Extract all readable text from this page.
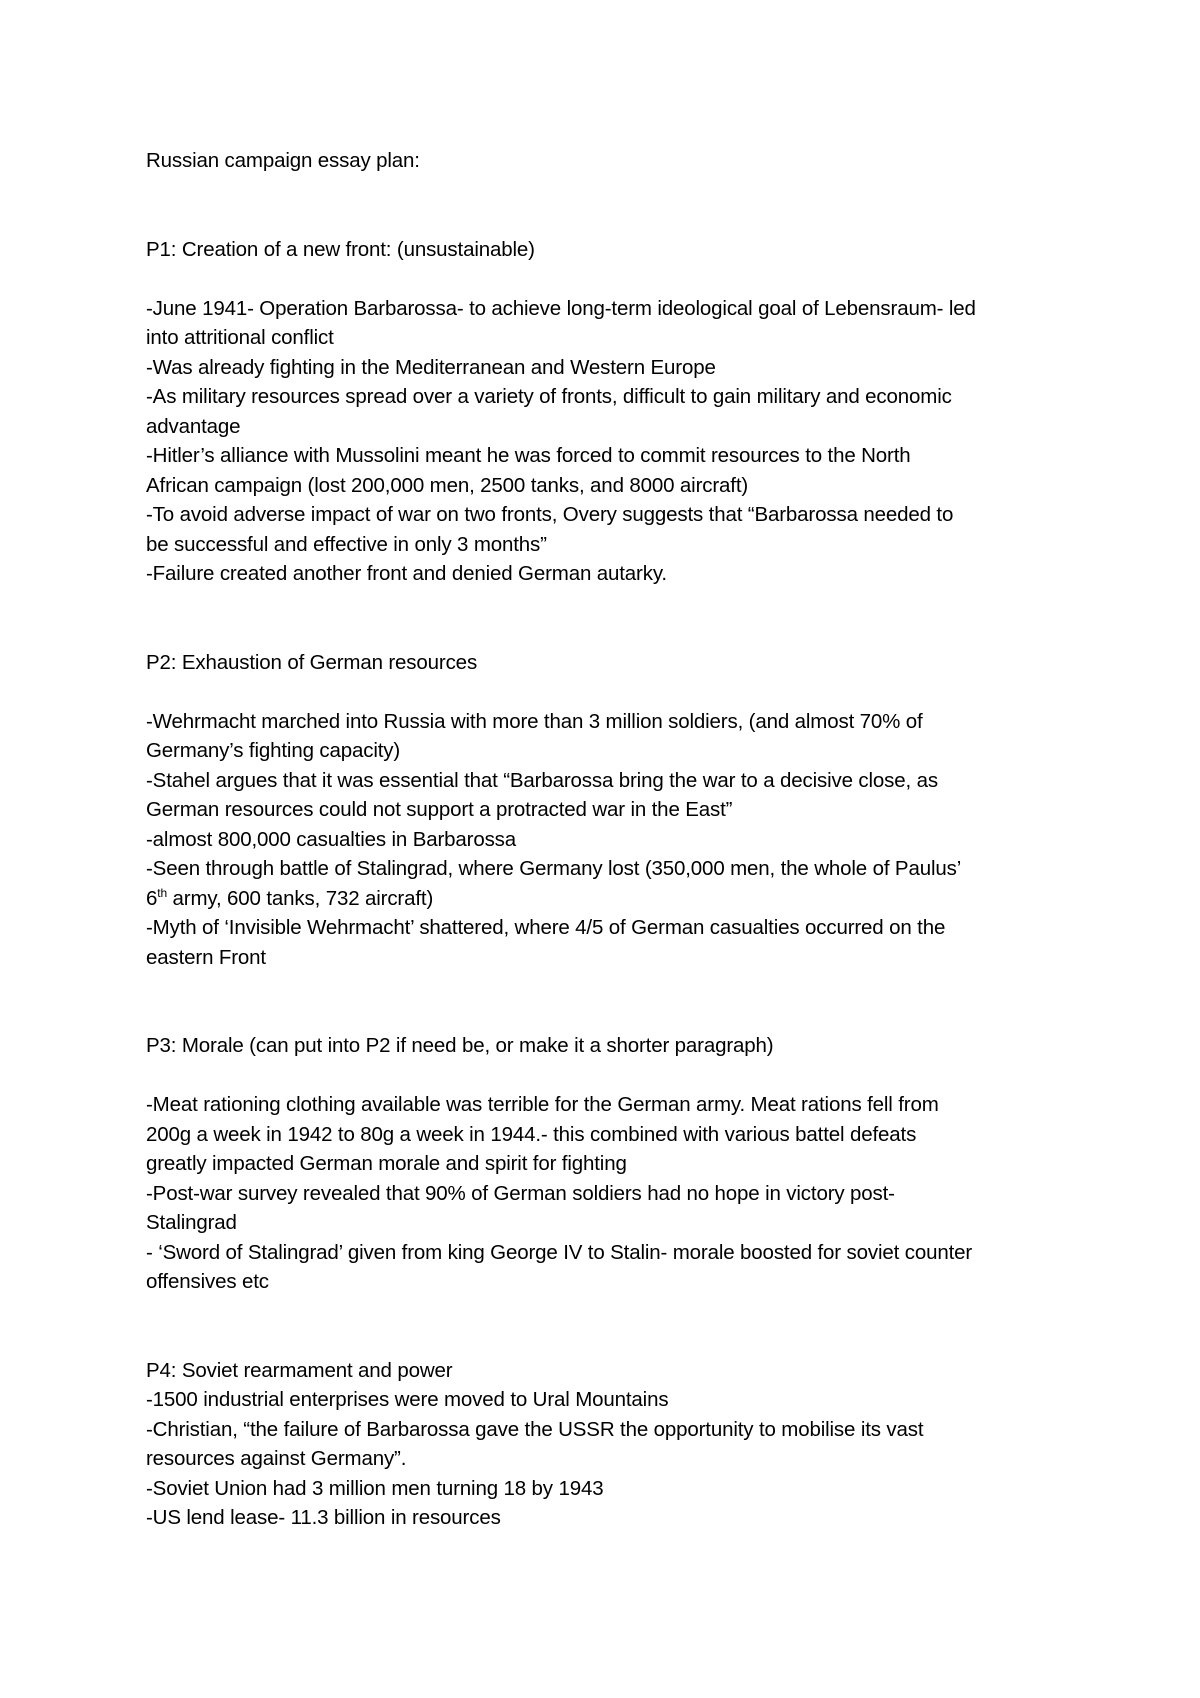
Russian campaign essay plan:

P1: Creation of a new front: (unsustainable)

-June 1941- Operation Barbarossa- to achieve long-term ideological goal of Lebensraum- led

into attritional conflict

-Was already fighting in the Mediterranean and Western Europe

-As military resources spread over a variety of fronts, difficult to gain military and economic

advantage

-Hitler’s alliance with Mussolini meant he was forced to commit resources to the North

African campaign (lost 200,000 men, 2500 tanks, and 8000 aircraft)

-To avoid adverse impact of war on two fronts, Overy suggests that “Barbarossa needed to

be successful and effective in only 3 months”

-Failure created another front and denied German autarky.

P2: Exhaustion of German resources

-Wehrmacht marched into Russia with more than 3 million soldiers, (and almost 70% of

Germany’s fighting capacity)

-Stahel argues that it was essential that “Barbarossa bring the war to a decisive close, as

German resources could not support a protracted war in the East”

-almost 800,000 casualties in Barbarossa

-Seen through battle of Stalingrad, where Germany lost (350,000 men, the whole of Paulus’

6th army, 600 tanks, 732 aircraft)

-Myth of ‘Invisible Wehrmacht’ shattered, where 4/5 of German casualties occurred on the

eastern Front

P3: Morale (can put into P2 if need be, or make it a shorter paragraph)

-Meat rationing clothing available was terrible for the German army. Meat rations fell from

200g a week in 1942 to 80g a week in 1944.- this combined with various battel defeats

greatly impacted German morale and spirit for fighting

-Post-war survey revealed that 90% of German soldiers had no hope in victory post-

Stalingrad

- ‘Sword of Stalingrad’ given from king George IV to Stalin- morale boosted for soviet counter

offensives etc

P4: Soviet rearmament and power

-1500 industrial enterprises were moved to Ural Mountains

-Christian, “the failure of Barbarossa gave the USSR the opportunity to mobilise its vast

resources against Germany”.

-Soviet Union had 3 million men turning 18 by 1943

-US lend lease- 11.3 billion in resources
